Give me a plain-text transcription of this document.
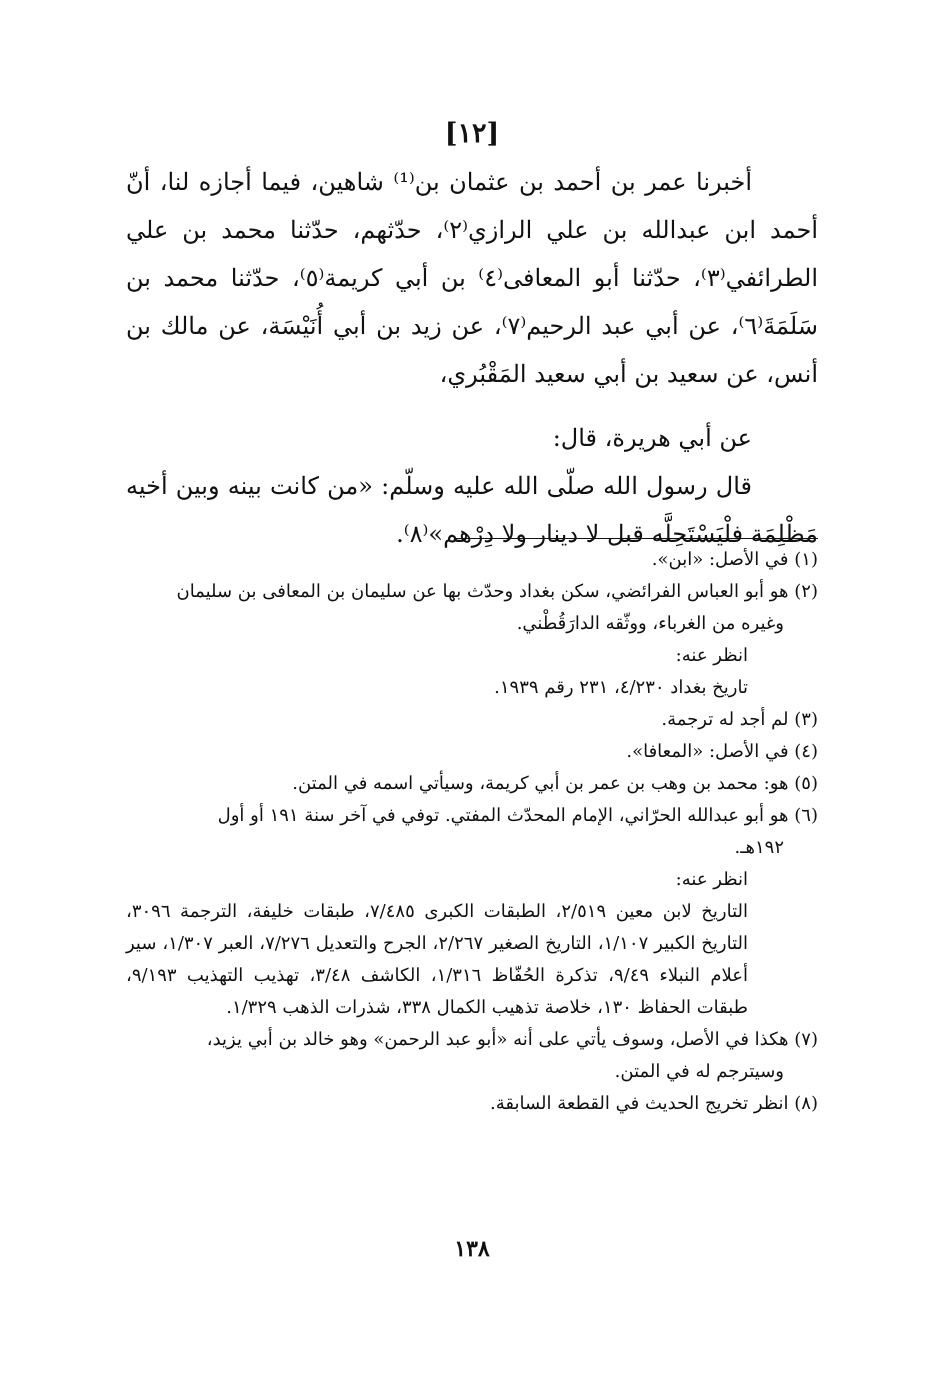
[١٢]

أخبرنا عمر بن أحمد بن عثمان بن⁽¹⁾ شاهين، فيما أجازه لنا، أنّ أحمد ابن عبدالله بن علي الرازي⁽٢⁾، حدّثهم، حدّثنا محمد بن علي الطرائفي⁽٣⁾، حدّثنا أبو المعافى⁽٤⁾ بن أبي كريمة⁽٥⁾، حدّثنا محمد بن سَلَمَةَ⁽٦⁾، عن أبي عبد الرحيم⁽٧⁾، عن زيد بن أبي أُنَيْسَة، عن مالك بن أنس، عن سعيد بن أبي سعيد المَقْبُري،

عن أبي هريرة، قال:

قال رسول الله صلّى الله عليه وسلّم: «من كانت بينه وبين أخيه مَظْلِمَة فلْيَسْتَحِلَّه قبل لا دينار ولا دِرْهم»⁽٨⁾.

(١) في الأصل: «ابن».
(٢) هو أبو العباس الفرائضي، سكن بغداد وحدّث بها عن سليمان بن المعافى بن سليمان
وغيره من الغرباء، ووثّقه الدارَقُطْني.
انظر عنه:
تاريخ بغداد ٤/٢٣٠، ٢٣١ رقم ١٩٣٩.
(٣) لم أجد له ترجمة.
(٤) في الأصل: «المعافا».
(٥) هو: محمد بن وهب بن عمر بن أبي كريمة، وسيأتي اسمه في المتن.
(٦) هو أبو عبدالله الحرّاني، الإمام المحدّث المفتي. توفي في آخر سنة ١٩١ أو أول
١٩٢هـ.
انظر عنه:
التاريخ لابن معين ٢/٥١٩، الطبقات الكبرى ٧/٤٨٥، طبقات خليفة، الترجمة ٣٠٩٦، التاريخ الكبير ١/١٠٧، التاريخ الصغير ٢/٢٦٧، الجرح والتعديل ٧/٢٧٦، العبر ١/٣٠٧، سير أعلام النبلاء ٩/٤٩، تذكرة الحُفّاظ ١/٣١٦، الكاشف ٣/٤٨، تهذيب التهذيب ٩/١٩٣، طبقات الحفاظ ١٣٠، خلاصة تذهيب الكمال ٣٣٨، شذرات الذهب ١/٣٢٩.
(٧) هكذا في الأصل، وسوف يأتي على أنه «أبو عبد الرحمن» وهو خالد بن أبي يزيد،
وسيترجم له في المتن.
(٨) انظر تخريج الحديث في القطعة السابقة.
١٣٨
